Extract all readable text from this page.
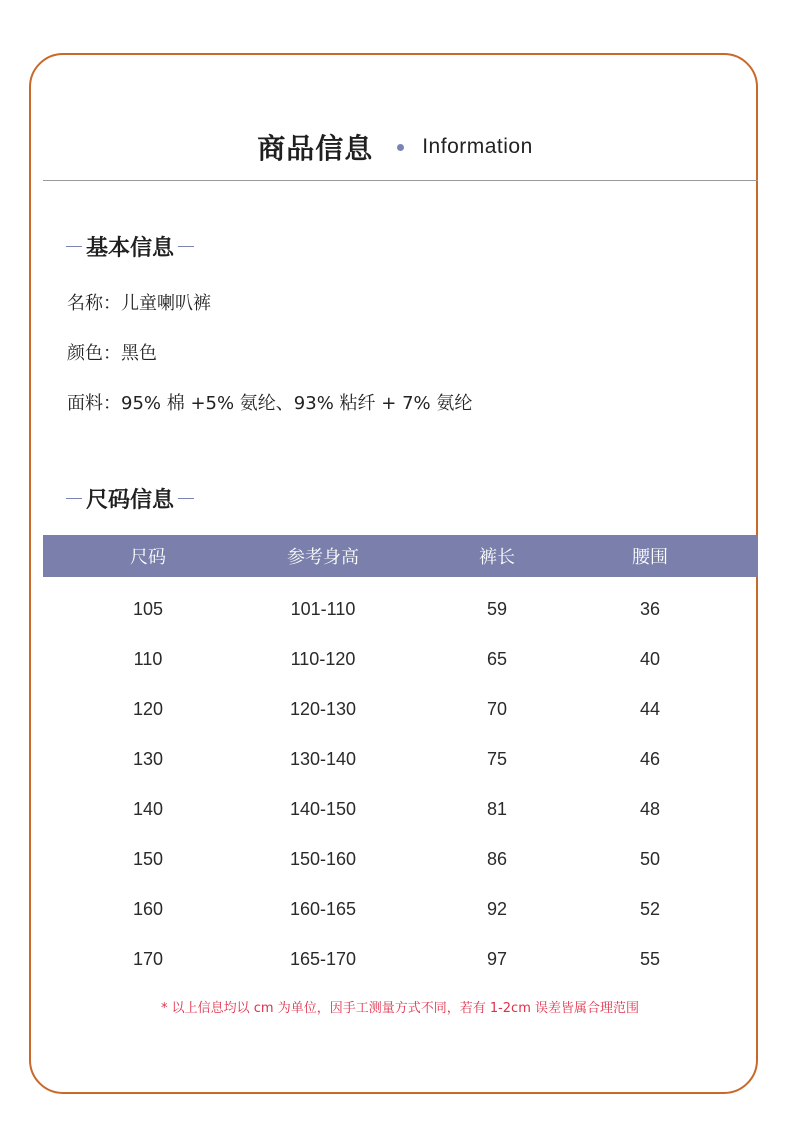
商品信息 Information
基本信息
名称：儿童喇叭裤
颜色：黑色
面料：95% 棉 +5% 氨纶、93% 粘纤 + 7% 氨纶
尺码信息
尺码	参考身高	裤长	腰围
105	101-110	59	36
110	110-120	65	40
120	120-130	70	44
130	130-140	75	46
140	140-150	81	48
150	150-160	86	50
160	160-165	92	52
170	165-170	97	55
* 以上信息均以 cm 为单位，因手工测量方式不同，若有 1-2cm 误差皆属合理范围
